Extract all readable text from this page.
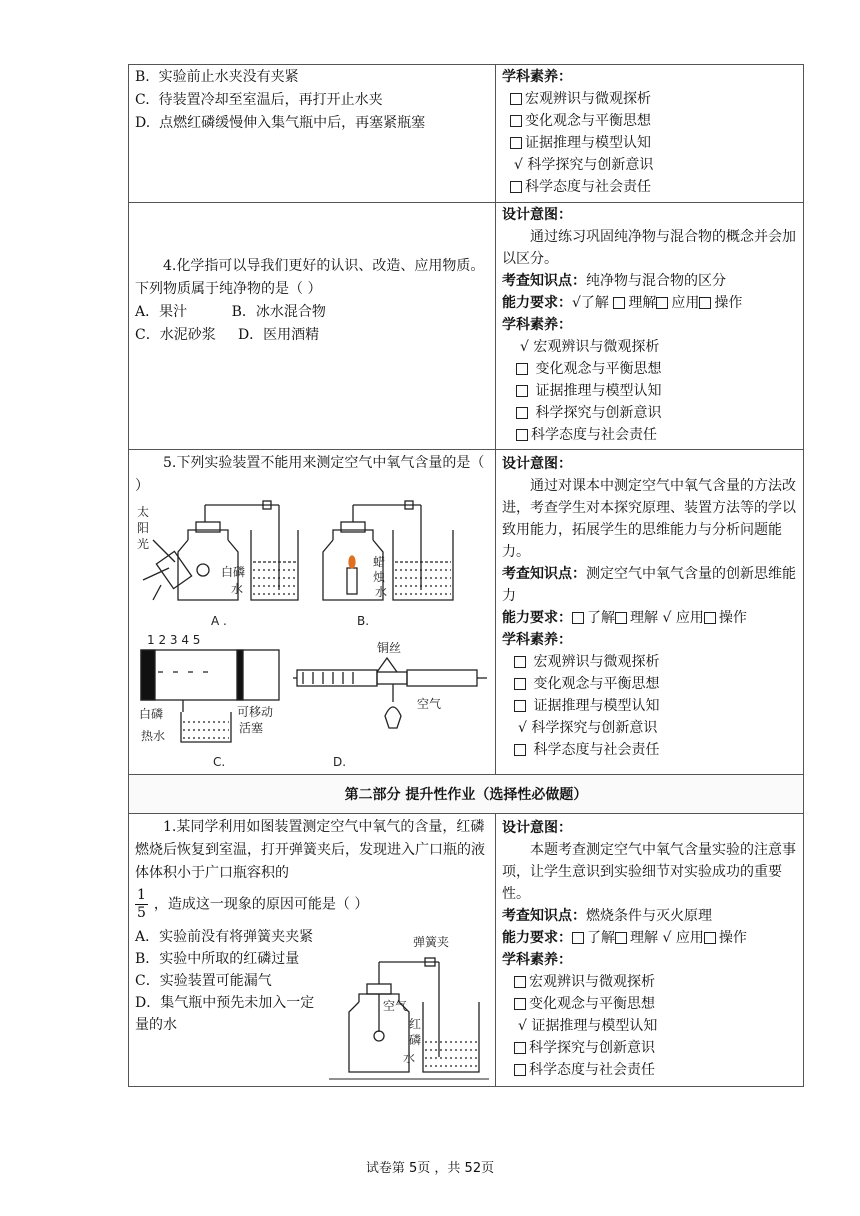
B.  实验前止水夹没有夹紧
C.  待装置冷却至室温后，再打开止水夹
D.  点燃红磷缓慢伸入集气瓶中后，再塞紧瓶塞
学科素养：
宏观辨识与微观探析
变化观念与平衡思想
证据推理与模型认知
√ 科学探究与创新意识
科学态度与社会责任
4.化学指可以导我们更好的认识、改造、应用物质。下列物质属于纯净物的是（ ）
A．果汁          B．冰水混合物
C．水泥砂浆     D．医用酒精
设计意图：
通过练习巩固纯净物与混合物的概念并会加以区分。
考查知识点：纯净物与混合物的区分
能力要求：√了解 理解 应用 操作
学科素养：
√ 宏观辨识与微观探析
变化观念与平衡思想
证据推理与模型认知
科学探究与创新意识
科学态度与社会责任
5.下列实验装置不能用来测定空气中氧气含量的是（ ）
太
阳
光
白磷
水
A .
蜡
烛
水
B.
1 2 3 4 5
白磷
热水
可移动
活塞
C.
铜丝
空气
D.
设计意图：
通过对课本中测定空气中氧气含量的方法改进，考查学生对本探究原理、装置方法等的学以致用能力，拓展学生的思维能力与分析问题能力。
考查知识点：测定空气中氧气含量的创新思维能力
能力要求： 了解 理解 √ 应用 操作
学科素养：
宏观辨识与微观探析
变化观念与平衡思想
证据推理与模型认知
√ 科学探究与创新意识
科学态度与社会责任
第二部分 提升性作业（选择性必做题）
1.某同学利用如图装置测定空气中氧气的含量，红磷燃烧后恢复到室温，打开弹簧夹后，发现进入广口瓶的液体体积小于广口瓶容积的
$\frac{1}{5}$ ，造成这一现象的原因可能是（ ）
A．实验前没有将弹簧夹夹紧
B．实验中所取的红磷过量
C．实验装置可能漏气
D．集气瓶中预先未加入一定量的水
弹簧夹
空气
红
磷
水
设计意图：
本题考查测定空气中氧气含量实验的注意事项，让学生意识到实验细节对实验成功的重要性。
考查知识点：燃烧条件与灭火原理
能力要求： 了解 理解 √ 应用 操作
学科素养：
宏观辨识与微观探析
变化观念与平衡思想
√ 证据推理与模型认知
科学探究与创新意识
科学态度与社会责任
试卷第 5页 ，共 52页
